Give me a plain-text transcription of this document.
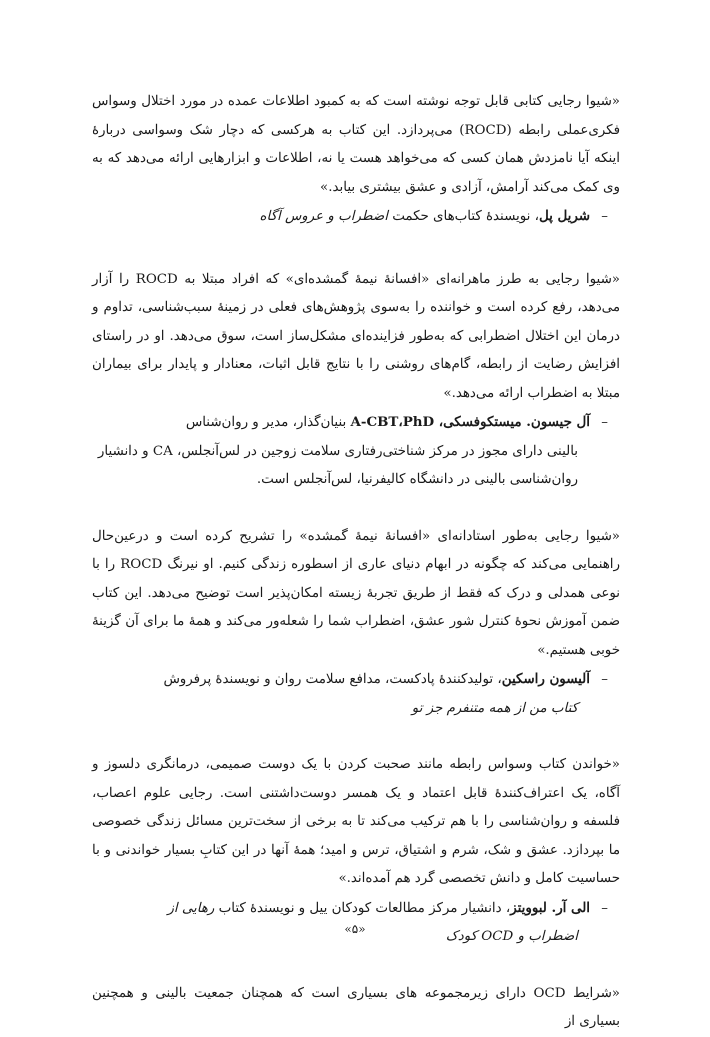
«شیوا رجایی کتابی قابل توجه نوشته است که به کمبود اطلاعات عمده در مورد اختلال وسواس فکری‌عملی رابطه (ROCD) می‌پردازد. این کتاب به هرکسی که دچار شک وسواسی دربارهٔ اینکه آیا نامزدش همان کسی که می‌خواهد هست یا نه، اطلاعات و ابزارهایی ارائه می‌دهد که به وی کمک می‌کند آرامش، آزادی و عشق بیشتری بیابد.»

–شریل پل، نویسندهٔ کتاب‌های حکمت اضطراب و عروس آگاه

«شیوا رجایی به طرز ماهرانه‌ای «افسانهٔ نیمهٔ گمشده‌ای» که افراد مبتلا به ROCD را آزار می‌دهد، رفع کرده است و خواننده را به‌سوی پژوهش‌های فعلی در زمینهٔ سبب‌شناسی، تداوم و درمان این اختلال اضطرابی که به‌طور فزاینده‌ای مشکل‌ساز است، سوق می‌دهد. او در راستای افزایش رضایت از رابطه، گام‌های روشنی را با نتایج قابل اثبات، معنادار و پایدار برای بیماران مبتلا به اضطراب ارائه می‌دهد.»

–آل جیسون. میستکوفسکی، A-CBT،PhD بنیان‌گذار، مدیر و روان‌شناس
بالینی دارای مجوز در مرکز شناختی‌رفتاری سلامت زوجین در لس‌آنجلس، CA و دانشیار روان‌شناسی بالینی در دانشگاه کالیفرنیا، لس‌آنجلس است.

«شیوا رجایی به‌طور استادانه‌ای «افسانهٔ نیمهٔ گمشده» را تشریح کرده است و درعین‌حال راهنمایی می‌کند که چگونه در ابهام دنیای عاری از اسطوره زندگی کنیم. او نیرنگ ROCD را با نوعی همدلی و درک که فقط از طریق تجربهٔ زیسته امکان‌پذیر است توضیح می‌دهد. این کتاب ضمن آموزش نحوهٔ کنترل شور عشق، اضطراب شما را شعله‌ور می‌کند و همهٔ ما برای آن گزینهٔ خوبی هستیم.»

–آلیسون راسکین، تولیدکنندهٔ پادکست، مدافع سلامت روان و نویسندهٔ پرفروش
کتاب من از همه متنفرم جز تو

«خواندن کتاب وسواس رابطه مانند صحبت کردن با یک دوست صمیمی، درمانگری دلسوز و آگاه، یک اعتراف‌کنندهٔ قابل اعتماد و یک همسر دوست‌داشتنی است. رجایی علوم اعصاب، فلسفه و روان‌شناسی را با هم ترکیب می‌کند تا به برخی از سخت‌ترین مسائل زندگی خصوصی ما بپردازد. عشق و شک، شرم و اشتیاق، ترس و امید؛ همهٔ آنها در این کتابِ بسیار خواندنی و با حساسیت کامل و دانش تخصصی گرد هم آمده‌اند.»

–الی آر. لبوویتز، دانشیار مرکز مطالعات کودکان ییل و نویسندهٔ کتاب رهایی از
اضطراب و OCD کودک

«شرایط OCD دارای زیرمجموعه های بسیاری است که همچنان جمعیت بالینی و همچنین بسیاری از

«۵»
